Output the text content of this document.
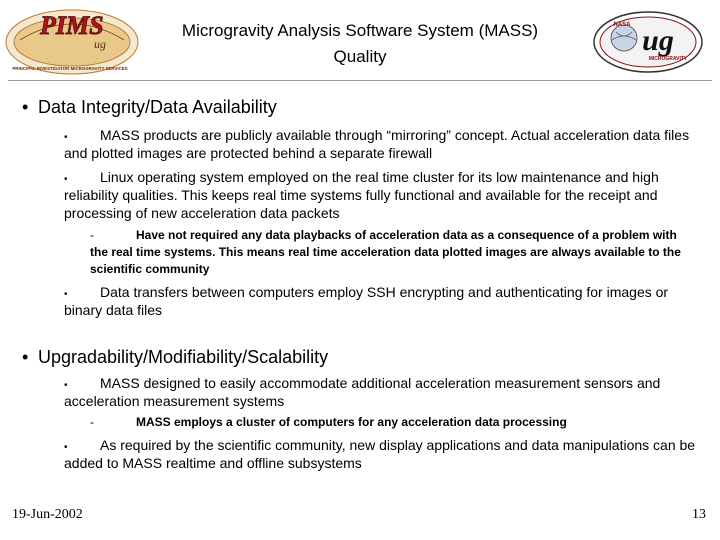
PIMS
ug
PRINCIPAL INVESTIGATOR MICROGRAVITY SERVICES
Microgravity Analysis Software System (MASS)
Quality
NASA ug
MICROGRAVITY
• Data Integrity/Data Availability
•	MASS products are publicly available through “mirroring” concept. Actual acceleration data files and plotted images are protected behind a separate firewall
•	Linux operating system employed on the real time cluster for its low maintenance and high reliability qualities. This keeps real time systems fully functional and available for the receipt and processing of new acceleration data packets
-	Have not required any data playbacks of acceleration data as a consequence of a problem with the real time systems. This means real time acceleration data plotted images are always available to the scientific community
•	Data transfers between computers employ SSH encrypting and authenticating for images or binary data files
• Upgradability/Modifiability/Scalability
•	MASS designed to easily accommodate additional acceleration measurement sensors and acceleration measurement systems
-	MASS employs a cluster of computers for any acceleration data processing
•	As required by the scientific community, new display applications and data manipulations can be added to MASS realtime and offline subsystems
19-Jun-2002	13
